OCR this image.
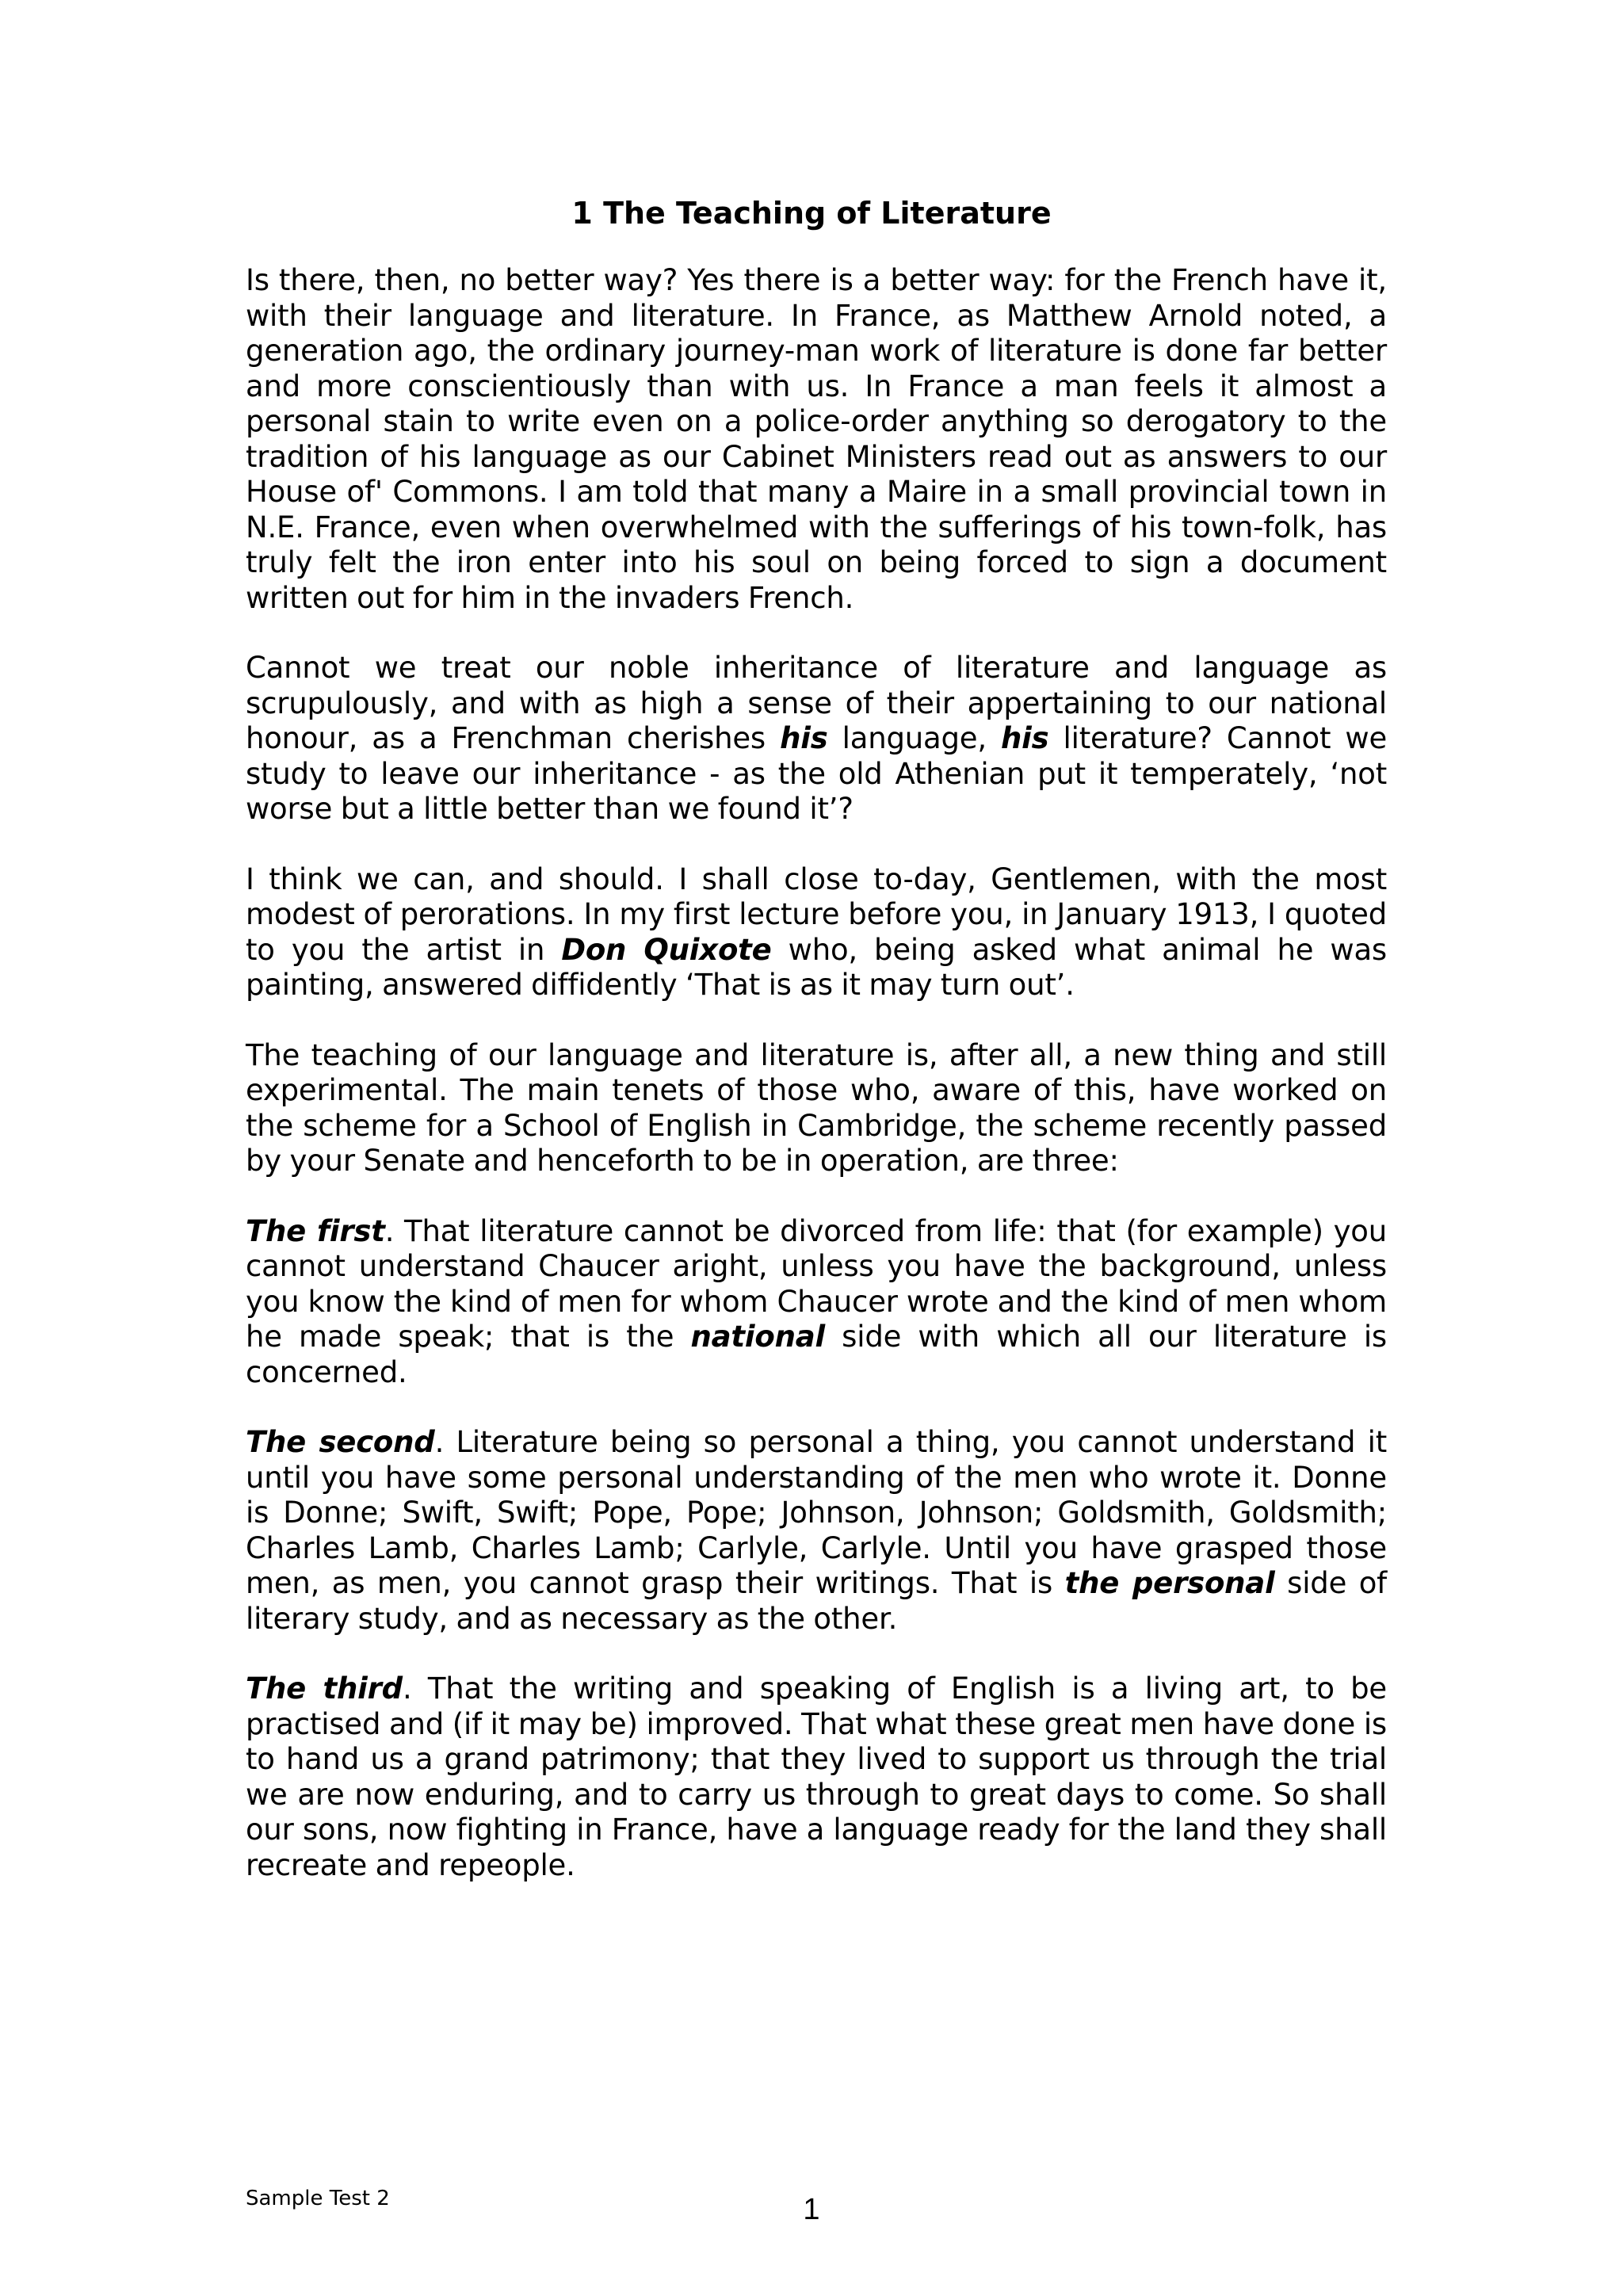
1 The Teaching of Literature

Is there, then, no better way? Yes there is a better way: for the French have it, with their language and literature. In France, as Matthew Arnold noted, a generation ago, the ordinary journey-man work of literature is done far better and more conscientiously than with us. In France a man feels it almost a personal stain to write even on a police-order anything so derogatory to the tradition of his language as our Cabinet Ministers read out as answers to our House of' Commons. I am told that many a Maire in a small provincial town in N.E. France, even when overwhelmed with the sufferings of his town-folk, has truly felt the iron enter into his soul on being forced to sign a document written out for him in the invaders French.

Cannot we treat our noble inheritance of literature and language as scrupulously, and with as high a sense of their appertaining to our national honour, as a Frenchman cherishes his language, his literature? Cannot we study to leave our inheritance - as the old Athenian put it temperately, ‘not worse but a little better than we found it’?

I think we can, and should. I shall close to-day, Gentlemen, with the most modest of perorations. In my first lecture before you, in January 1913, I quoted to you the artist in Don Quixote who, being asked what animal he was painting, answered diffidently ‘That is as it may turn out’.

The teaching of our language and literature is, after all, a new thing and still experimental. The main tenets of those who, aware of this, have worked on the scheme for a School of English in Cambridge, the scheme recently passed by your Senate and henceforth to be in operation, are three:

The first. That literature cannot be divorced from life: that (for example) you cannot understand Chaucer aright, unless you have the background, unless you know the kind of men for whom Chaucer wrote and the kind of men whom he made speak; that is the national side with which all our literature is concerned.

The second. Literature being so personal a thing, you cannot understand it until you have some personal understanding of the men who wrote it. Donne is Donne; Swift, Swift; Pope, Pope; Johnson, Johnson; Goldsmith, Goldsmith; Charles Lamb, Charles Lamb; Carlyle, Carlyle. Until you have grasped those men, as men, you cannot grasp their writings. That is the personal side of literary study, and as necessary as the other.

The third. That the writing and speaking of English is a living art, to be practised and (if it may be) improved. That what these great men have done is to hand us a grand patrimony; that they lived to support us through the trial we are now enduring, and to carry us through to great days to come. So shall our sons, now fighting in France, have a language ready for the land they shall recreate and repeople.

Sample Test 2	1
